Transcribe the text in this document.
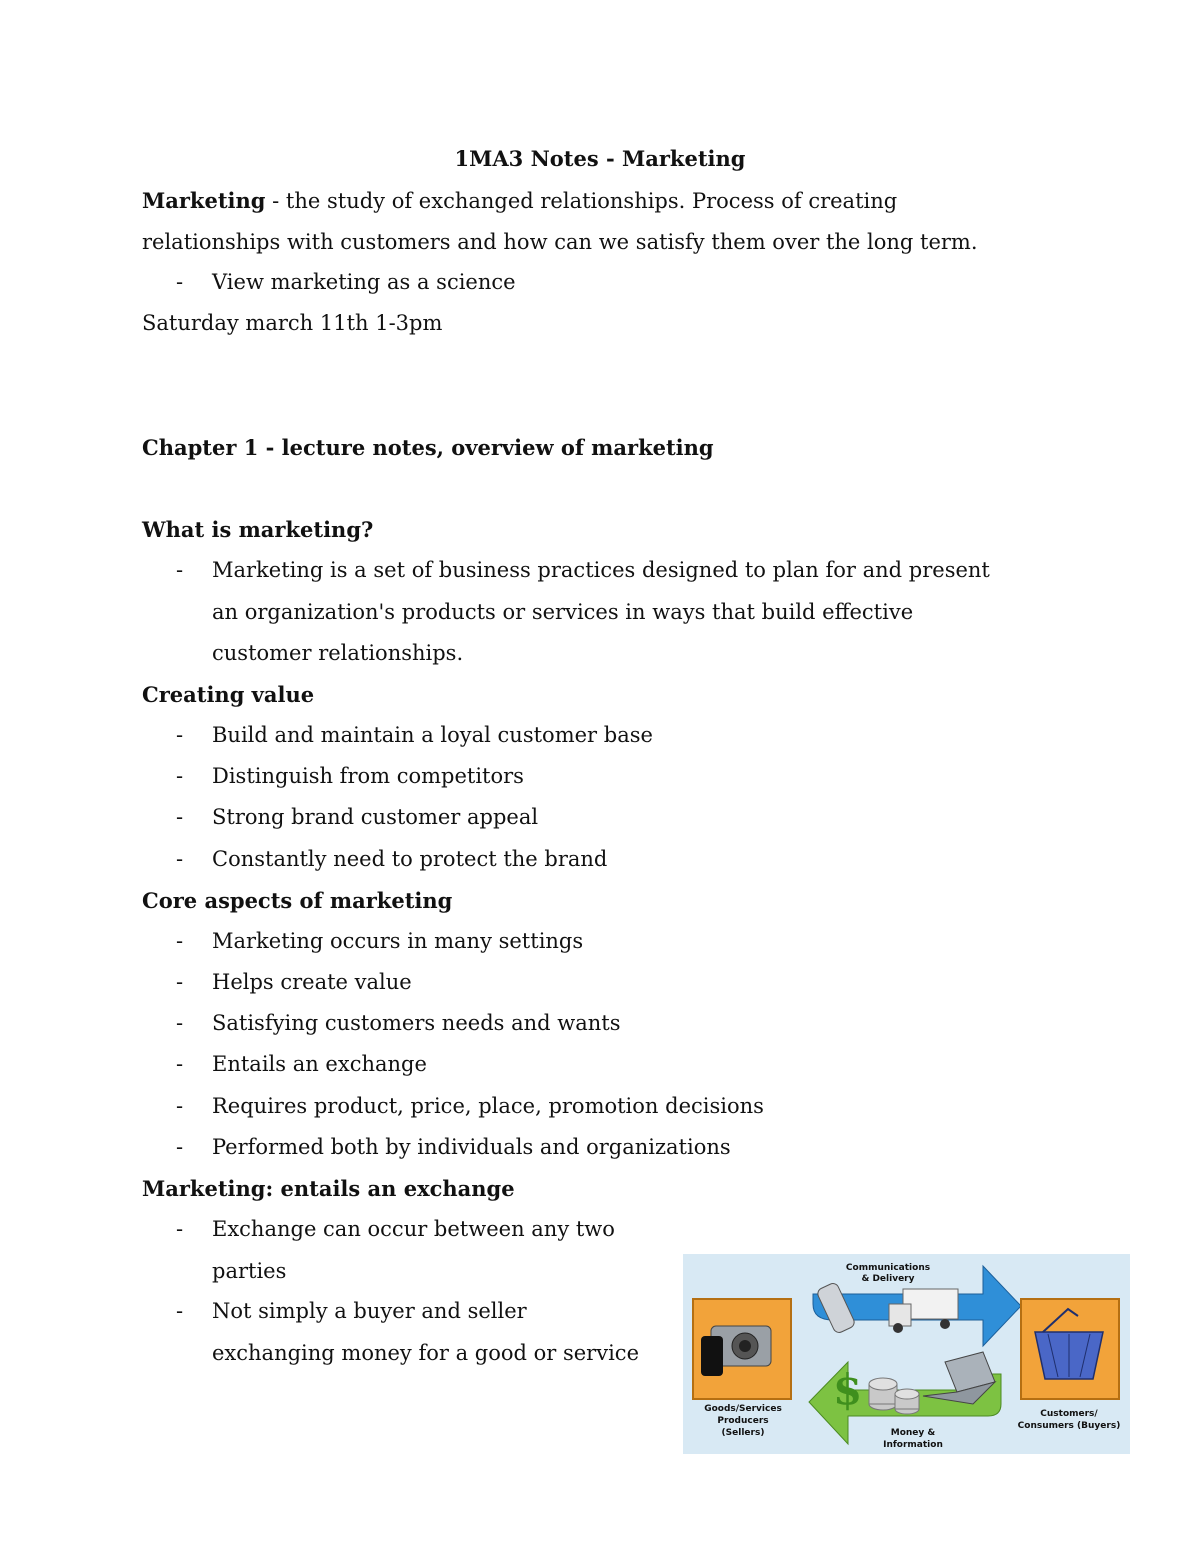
1MA3 Notes - Marketing

Marketing - the study of exchanged relationships. Process of creating relationships with customers and how can we satisfy them over the long term.

- View marketing as a science

Saturday march 11th 1-3pm

Chapter 1 - lecture notes, overview of marketing

What is marketing?

- Marketing is a set of business practices designed to plan for and present an organization's products or services in ways that build effective customer relationships.

Creating value

- Build and maintain a loyal customer base
- Distinguish from competitors
- Strong brand customer appeal
- Constantly need to protect the brand

Core aspects of marketing

- Marketing occurs in many settings
- Helps create value
- Satisfying customers needs and wants
- Entails an exchange
- Requires product, price, place, promotion decisions
- Performed both by individuals and organizations

Marketing: entails an exchange

- Exchange can occur between any two parties
- Not simply a buyer and seller exchanging money for a good or service
$
Communications & Delivery
Goods/Services Producers (Sellers)	Money & Information
Customers/ Consumers (Buyers)
